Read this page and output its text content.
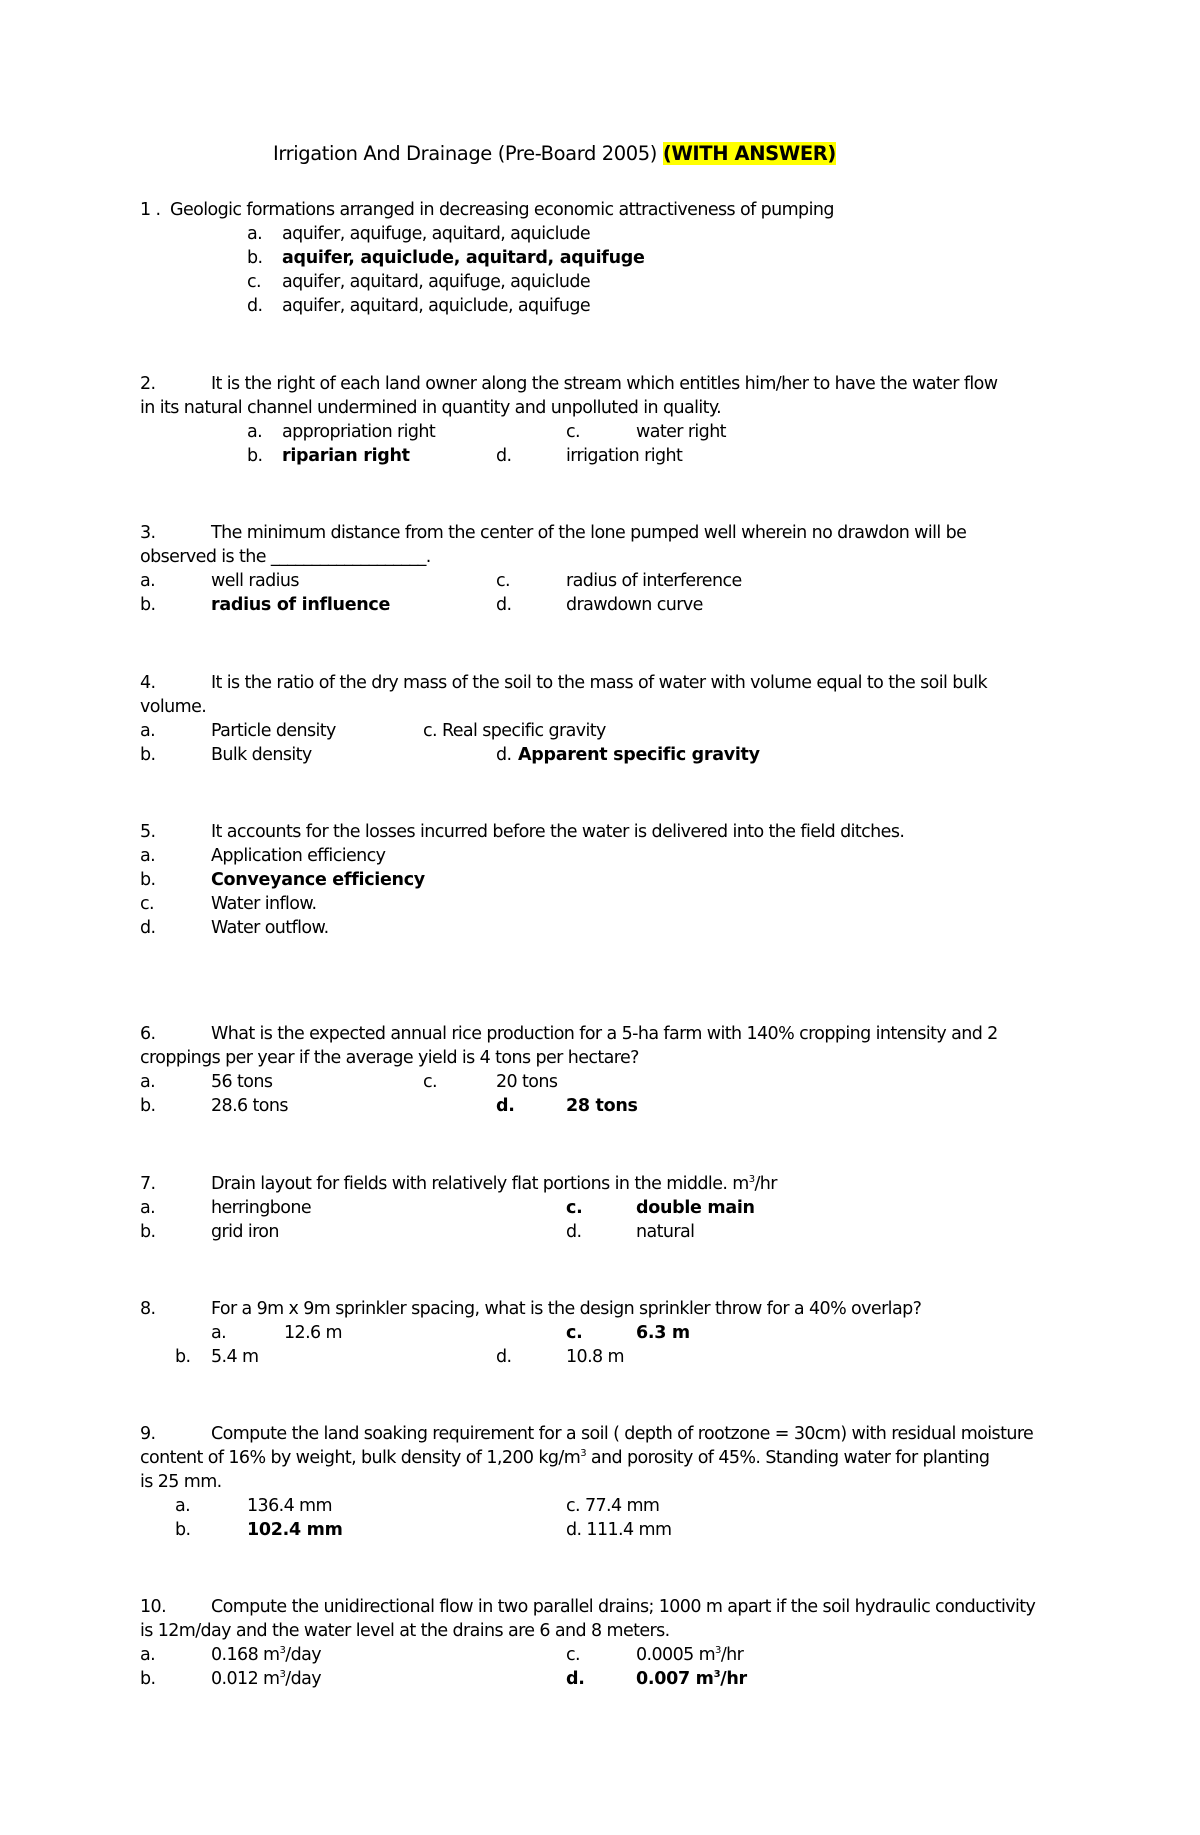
Irrigation And Drainage (Pre-Board 2005) (WITH ANSWER)
1 . Geologic formations arranged in decreasing economic attractiveness of pumping
a. aquifer, aquifuge, aquitard, aquiclude
b. aquifer, aquiclude, aquitard, aquifuge
c. aquifer, aquitard, aquifuge, aquiclude
d. aquifer, aquitard, aquiclude, aquifuge
2.	It is the right of each land owner along the stream which entitles him/her to have the water flow
in its natural channel undermined in quantity and unpolluted in quality.
a. appropriation right	c.	water right
b. riparian right	d.	irrigation right
3.	The minimum distance from the center of the lone pumped well wherein no drawdon will be
observed is the ___________________.
a.	well radius	c.	radius of interference
b.	radius of influence	d.	drawdown curve
4.	It is the ratio of the dry mass of the soil to the mass of water with volume equal to the soil bulk
volume.
a.	Particle density	c. Real specific gravity
b.	Bulk density	d. Apparent specific gravity
5.	It accounts for the losses incurred before the water is delivered into the field ditches.
a.	Application efficiency
b.	Conveyance efficiency
c.	Water inflow.
d.	Water outflow.
6.	What is the expected annual rice production for a 5-ha farm with 140% cropping intensity and 2
croppings per year if the average yield is 4 tons per hectare?
a.	56 tons	c.	20 tons
b.	28.6 tons	d.	28 tons
7.	Drain layout for fields with relatively flat portions in the middle. $m^3/hr$
a.	herringbone	c.	double main
b.	grid iron	d.	natural
8.	For a 9m x 9m sprinkler spacing, what is the design sprinkler throw for a 40% overlap?
a.	12.6 m	c.	6.3 m
b. 5.4 m	d.	10.8 m
9.	Compute the land soaking requirement for a soil ( depth of rootzone = 30cm) with residual moisture
content of 16% by weight, bulk density of 1,200 $kg/m^3$ and porosity of 45%. Standing water for planting
is 25 mm.
a.	136.4 mm	c. 77.4 mm
b.	102.4 mm	d. 111.4 mm
10.	Compute the unidirectional flow in two parallel drains; 1000 m apart if the soil hydraulic conductivity
is 12m/day and the water level at the drains are 6 and 8 meters.
a.	0.168 $m^3$/day	c.	0.0005 $m^3/hr$
b.	0.012 $m^3$/day	d.	0.007 $m^3/hr$
